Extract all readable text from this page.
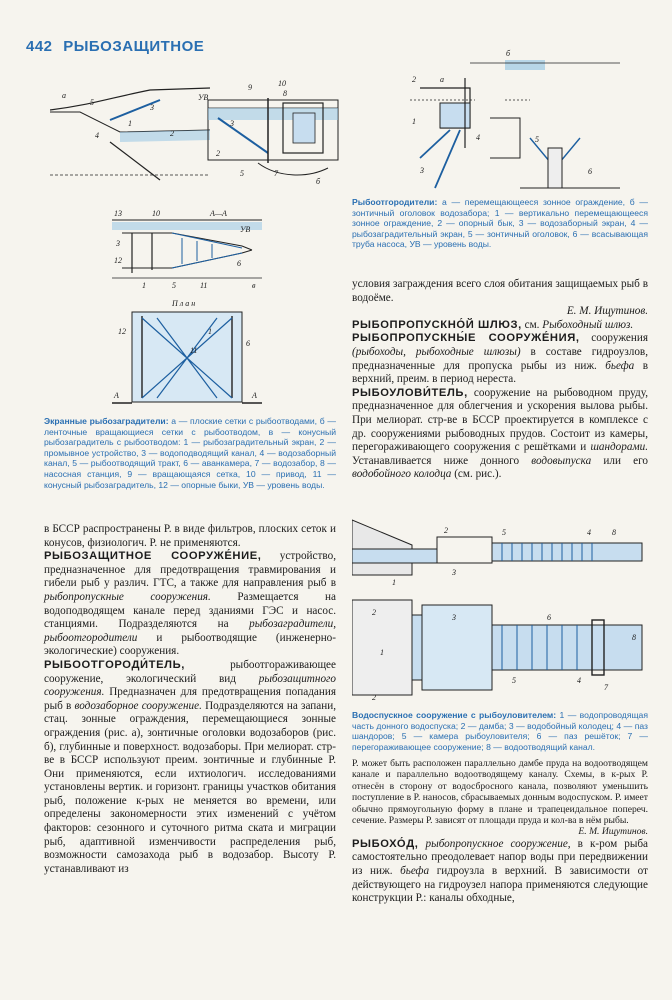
442 РЫБОЗАЩИТНОЕ
a
5
4
1
3
2
УВ
9	10
8
3
2
5	7
б
13	10
3
A—A
УВ
12
1	5	11
6
в
П л а н
12
11
1
6
A	A
Экранные рыбозаградители: а — плоские сетки с рыбоотводами, б — ленточные вращающиеся сетки с рыбоотводом, в — конусный рыбозаградитель с рыбоотводом: 1 — рыбозаградительный экран, 2 — промывное устройство, 3 — водоподводящий канал, 4 — водозаборный канал, 5 — рыбоотводящий тракт, 6 — аванкамера, 7 — водозабор, 8 — насосная станция, 9 — вращающаяся сетка, 10 — привод, 11 — конусный рыбозаградитель, 12 — опорные быки, УВ — уровень воды.
2	a
1
3
4
б
6
5
Рыбоотгородители: а — перемещающееся зонное ограждение, б — зонтичный оголовок водозабора; 1 — вертикально перемещающееся зонное ограждение, 2 — опорный бык, 3 — водозаборный экран, 4 — рыбозаградительный экран, 5 — зонтичный оголовок, 6 — всасывающая труба насоса, УВ — уровень воды.

в БССР распространены Р. в виде фильтров, плоских сеток и конусов, физиологич. Р. не применяются.

РЫБОЗАЩИТНОЕ СООРУЖЕ́НИЕ, устройство, предназначенное для предотвращения травмирования и гибели рыб у различ. ГТС, а также для направления рыб в рыбопропускные сооружения. Размещается на водоподводящем канале перед зданиями ГЭС и насос. станциями. Подразделяются на рыбозаградители, рыбоотгородители и рыбоотводящие (инженерно-экологические) сооружения.

РЫБООТГОРОДИ́ТЕЛЬ, рыбоотгораживающее сооружение, экологический вид рыбозащитного сооружения. Предназначен для предотвращения попадания рыб в водозаборное сооружение. Подразделяются на запани, стац. зонные ограждения, перемещающиеся зонные ограждения (рис. а), зонтичные оголовки водозаборов (рис. б), глубинные и поверхност. водозаборы. При мелиорат. стр-ве в БССР используют преим. зонтичные и глубинные Р. Они применяются, если ихтиологич. исследованиями установлены вертик. и горизонт. границы участков обитания рыб, положение к-рых не меняется во времени, или определены закономерности этих изменений с учётом факторов: сезонного и суточного ритма ската и миграции рыб, адаптивной изменчивости распределения рыб, возможности самозахода рыб в водозабор. Высоту Р. устанавливают из

условия заграждения всего слоя обитания защищаемых рыб в водоёме.
Е. М. Ищутинов.

РЫБОПРОПУСКНО́Й ШЛЮЗ, см. Рыбоходный шлюз.

РЫБОПРОПУСКНЫ́Е СООРУЖЕ́НИЯ, сооружения (рыбоходы, рыбоходные шлюзы) в составе гидроузлов, предназначенные для пропуска рыбы из ниж. бьефа в верхний, преим. в период нереста.

РЫБОУЛОВИ́ТЕЛЬ, сооружение на рыбоводном пруду, предназначенное для облегчения и ускорения вылова рыбы. При мелиорат. стр-ве в БССР проектируется в комплексе с др. сооружениями рыбоводных прудов. Состоит из камеры, перегораживающего сооружения с решётками и шандорами. Устанавливается ниже донного водовыпуска или его водобойного колодца (см. рис.).

1
2	5	4
3
8
2
6
1
3
5
8
7
4
2
Водоспускное сооружение с рыбоуловителем: 1 — водопроводящая часть донного водоспуска; 2 — дамба; 3 — водобойный колодец; 4 — паз шандоров; 5 — камера рыбоуловителя; 6 — паз решёток; 7 — перегораживающее сооружение; 8 — водоотводящий канал.

Р. может быть расположен параллельно дамбе пруда на водоотводящем канале и параллельно водоотводящему каналу. Схемы, в к-рых Р. отнесён в сторону от водосбросного канала, позволяют уменьшить поступление в Р. наносов, сбрасываемых донным водоспуском. Р. имеет обычно прямоугольную форму в плане и трапецеидальное попереч. сечение. Размеры Р. зависят от площади пруда и кол-ва в нём рыбы.
Е. М. Ищутинов.

РЫБОХО́Д, рыбопропускное сооружение, в к-ром рыба самостоятельно преодолевает напор воды при передвижении из ниж. бьефа гидроузла в верхний. В зависимости от действующего на гидроузел напора применяются следующие конструкции Р.: каналы обходные,
